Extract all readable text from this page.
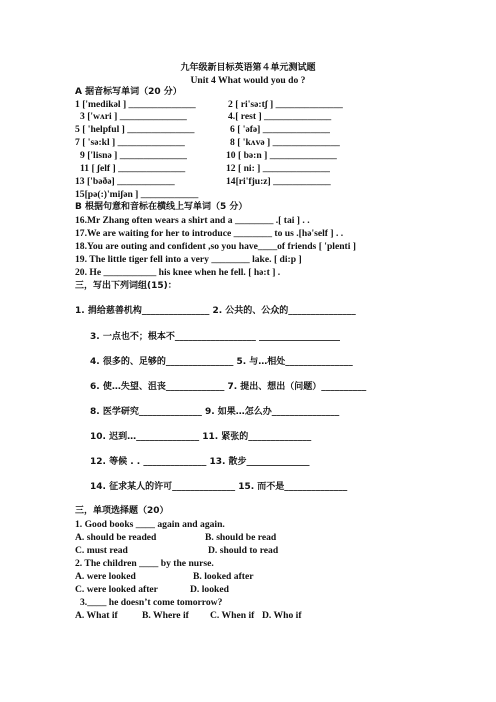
九年级新目标英语第４单元测试题
Unit 4 What would you do ?
A 据音标写单词（20 分）
1 ['medikəl ] ______________	2 [ ri'sə:tʃ ] ______________
3 ['wʌri ] ______________	4.[ rest ] ______________
5 [ 'helpful ] ______________	6 [ 'əfə] ______________
7 [ 'sə:kl ] ______________	8 [ 'kʌvə ] ______________
9 ['lisnə ] ______________	10 [ bə:n ] ______________
11 [ ʃelf ] ______________	12 [ ni: ] ______________
13 ['bəðə] ____________	14[ri'fju:z] ____________
15[pə(:)'miʃən ] ____________
B 根据句意和音标在横线上写单词（5 分）
16.Mr Zhang often wears a shirt and a ________ .[ tai ] . .
17.We are waiting for her to introduce ________ to us .[hə'self ] . .
18.You are outing and confident ,so you have____of friends [ 'plenti ]
19. The little tiger fell into a very ________ lake. [ di:p ]
20. He ___________ his knee when he fell. [ hə:t ] .
三，写出下列词组(15)：
1. 捐给慈善机构_______________ 2. 公共的、公众的_______________
3. 一点也不；根本不__________________ __________________
4. 很多的、足够的_______________ 5. 与…相处_______________
6. 使…失望、沮丧_____________ 7. 提出、想出（问题）__________
8. 医学研究______________ 9. 如果…怎么办_______________
10. 迟到…______________ 11. 紧张的______________
12. 等候 . . ______________ 13. 散步______________
14. 征求某人的许可______________ 15. 而不是______________
三，单项选择题（20）
1. Good books ____ again and again.
A. should be readed	B. should be read
C. must read	D. should to read
2. The children ____ by the nurse.
A. were looked	B. looked after
C. were looked after	D. looked
3.____ he doesn’t come tomorrow?
A. What if	B. Where if C. When if D. Who if
